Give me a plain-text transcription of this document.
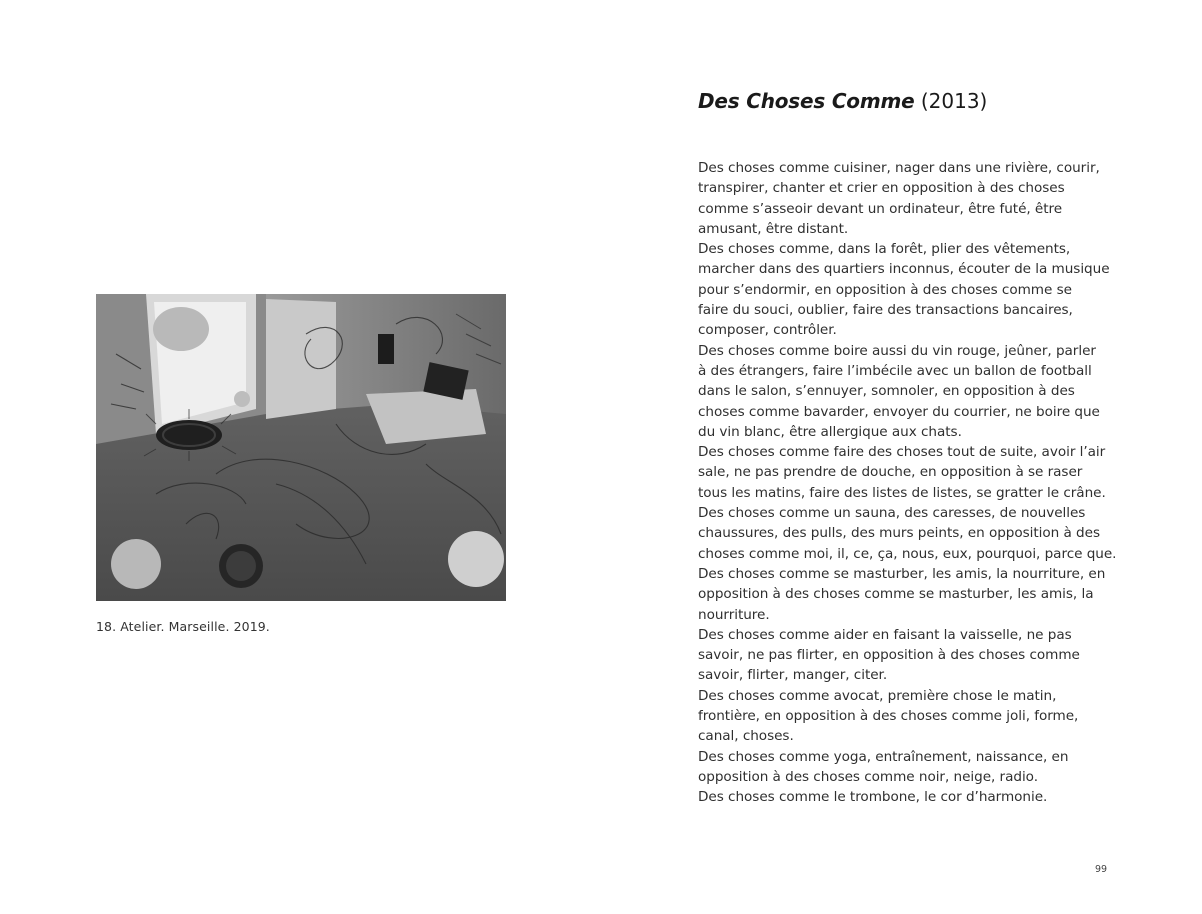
18. Atelier. Marseille. 2019.
Des Choses Comme (2013)
Des choses comme cuisiner, nager dans une rivière, courir,
transpirer, chanter et crier en opposition à des choses
comme s’asseoir devant un ordinateur, être futé, être
amusant, être distant.
Des choses comme, dans la forêt, plier des vêtements,
marcher dans des quartiers inconnus, écouter de la musique
pour s’endormir, en opposition à des choses comme se
faire du souci, oublier, faire des transactions bancaires,
composer, contrôler.
Des choses comme boire aussi du vin rouge, jeûner, parler
à des étrangers, faire l’imbécile avec un ballon de football
dans le salon, s’ennuyer, somnoler, en opposition à des
choses comme bavarder, envoyer du courrier, ne boire que
du vin blanc, être allergique aux chats.
Des choses comme faire des choses tout de suite, avoir l’air
sale, ne pas prendre de douche, en opposition à se raser
tous les matins, faire des listes de listes, se gratter le crâne.
Des choses comme un sauna, des caresses, de nouvelles
chaussures, des pulls, des murs peints, en opposition à des
choses comme moi, il, ce, ça, nous, eux, pourquoi, parce que.
Des choses comme se masturber, les amis, la nourriture, en
opposition à des choses comme se masturber, les amis, la
nourriture.
Des choses comme aider en faisant la vaisselle, ne pas
savoir, ne pas flirter, en opposition à des choses comme
savoir, flirter, manger, citer.
Des choses comme avocat, première chose le matin,
frontière, en opposition à des choses comme joli, forme,
canal, choses.
Des choses comme yoga, entraînement, naissance, en
opposition à des choses comme noir, neige, radio.
Des choses comme le trombone, le cor d’harmonie.
99
